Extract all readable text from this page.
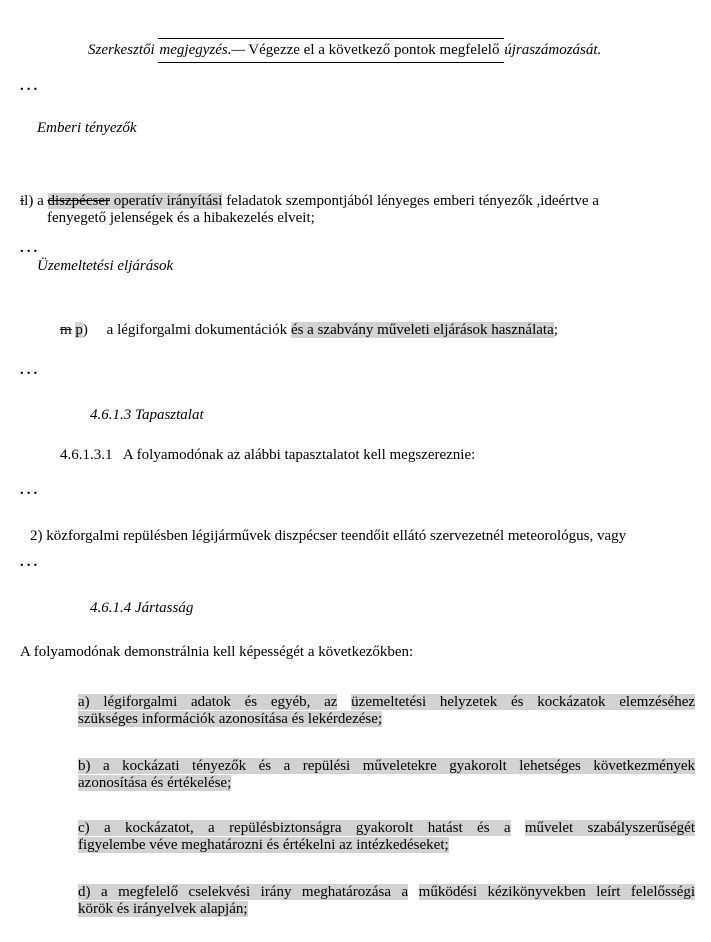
Szerkesztői megjegyzés.— Végezze el a következő pontok megfelelő újraszámozását.
...
Emberi tényezők
il) a diszpécser operatív irányítási feladatok szempontjából lényeges emberi tényezők ,ideértve a
fenyegető jelenségek és a hibakezelés elveit;
...
Üzemeltetési eljárások
m p)     a légiforgalmi dokumentációk és a szabvány műveleti eljárások használata;
...
4.6.1.3 Tapasztalat
4.6.1.3.1   A folyamodónak az alábbi tapasztalatot kell megszereznie:
...
2) közforgalmi repülésben légijárművek diszpécser teendőit ellátó szervezetnél meteorológus, vagy
...
4.6.1.4 Jártasság
A folyamodónak demonstrálnia kell képességét a következőkben:
a) légiforgalmi adatok és egyéb, az üzemeltetési helyzetek és kockázatok elemzéséhez
szükséges információk azonosítása és lekérdezése;
b) a kockázati tényezők és a repülési műveletekre gyakorolt lehetséges következmények
azonosítása és értékelése;
c) a kockázatot, a repülésbiztonságra gyakorolt hatást és a művelet szabályszerűségét
figyelembe véve meghatározni és értékelni az intézkedéseket;
d) a megfelelő cselekvési irány meghatározása a működési kézikönyvekben leírt felelősségi
körök és irányelvek alapján;
